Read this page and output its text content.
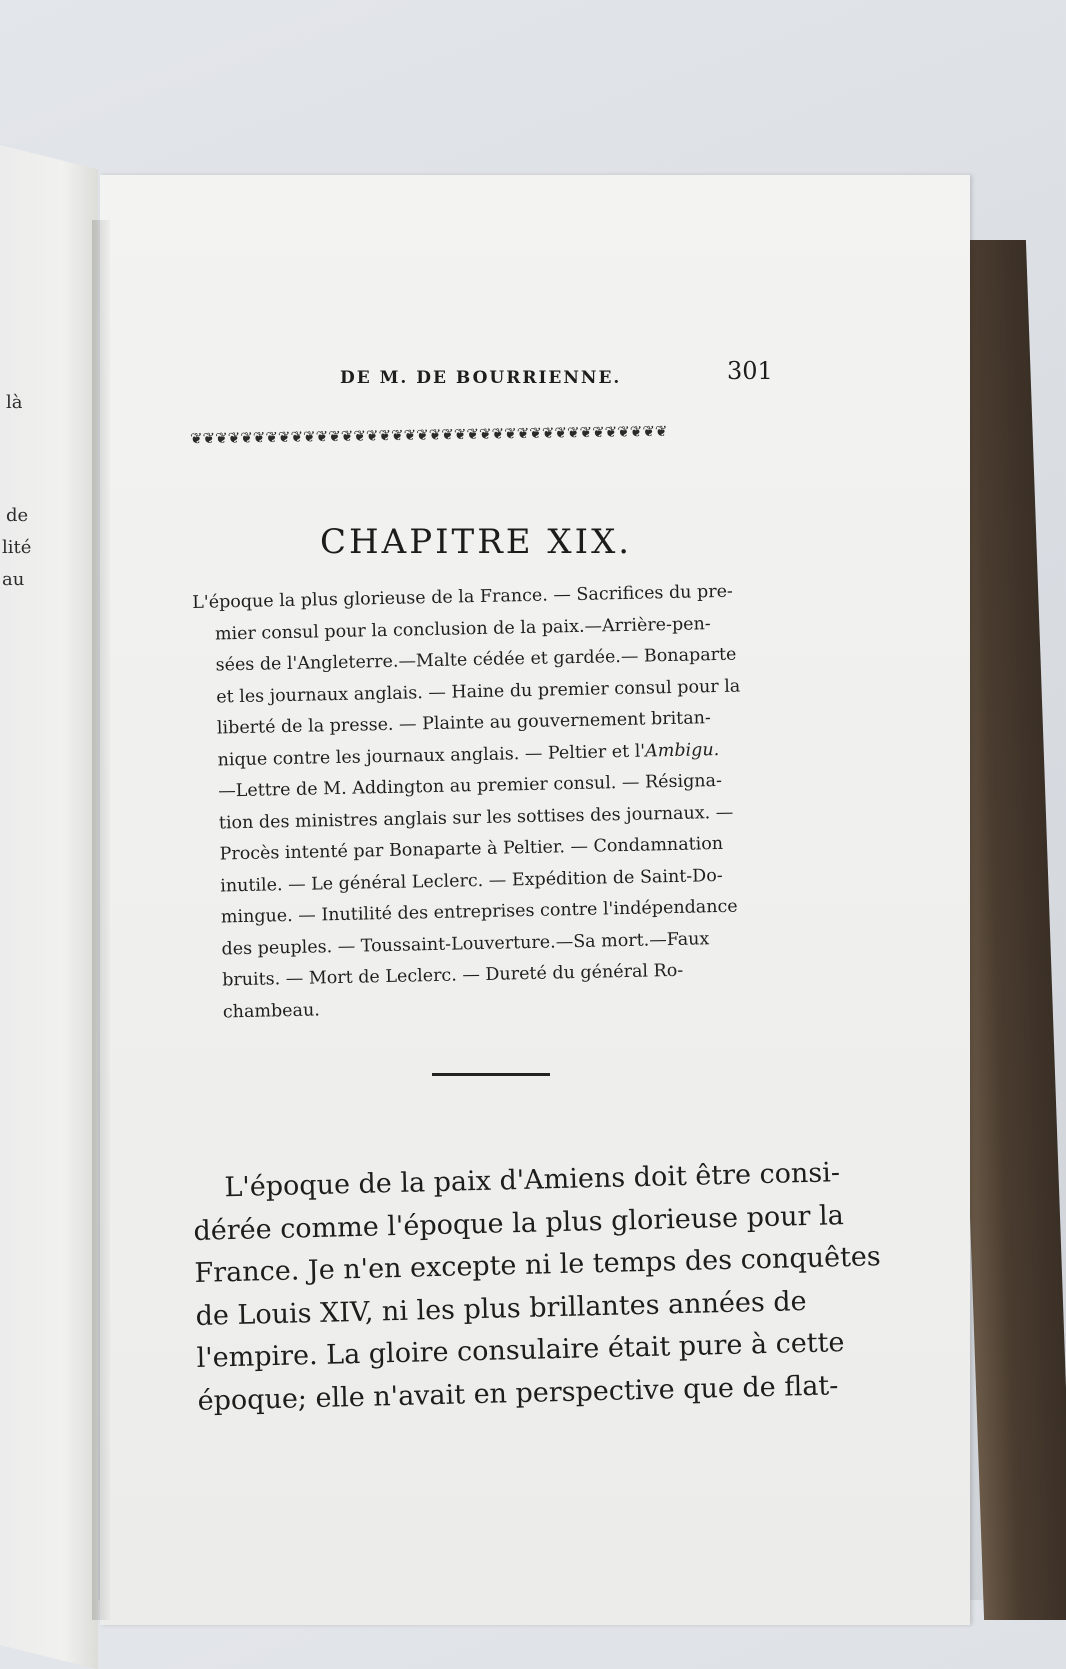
là
de
lité
au
DE M. DE BOURRIENNE.	301
❦❦❦❦❦❦❦❦❦❦❦❦❦❦❦❦❦❦❦❦❦❦❦❦❦❦❦❦❦❦❦❦❦❦❦❦❦❦
CHAPITRE XIX.
L'époque la plus glorieuse de la France. — Sacrifices du pre-
mier consul pour la conclusion de la paix.—Arrière-pen-
sées de l'Angleterre.—Malte cédée et gardée.— Bonaparte
et les journaux anglais. — Haine du premier consul pour la
liberté de la presse. — Plainte au gouvernement britan-
nique contre les journaux anglais. — Peltier et l'Ambigu.
—Lettre de M. Addington au premier consul. — Résigna-
tion des ministres anglais sur les sottises des journaux. —
Procès intenté par Bonaparte à Peltier. — Condamnation
inutile. — Le général Leclerc. — Expédition de Saint-Do-
mingue. — Inutilité des entreprises contre l'indépendance
des peuples. — Toussaint-Louverture.—Sa mort.—Faux
bruits. — Mort de Leclerc. — Dureté du général Ro-
chambeau.
L'époque de la paix d'Amiens doit être consi-
dérée comme l'époque la plus glorieuse pour la
France. Je n'en excepte ni le temps des conquêtes
de Louis XIV, ni les plus brillantes années de
l'empire. La gloire consulaire était pure à cette
époque; elle n'avait en perspective que de flat-
